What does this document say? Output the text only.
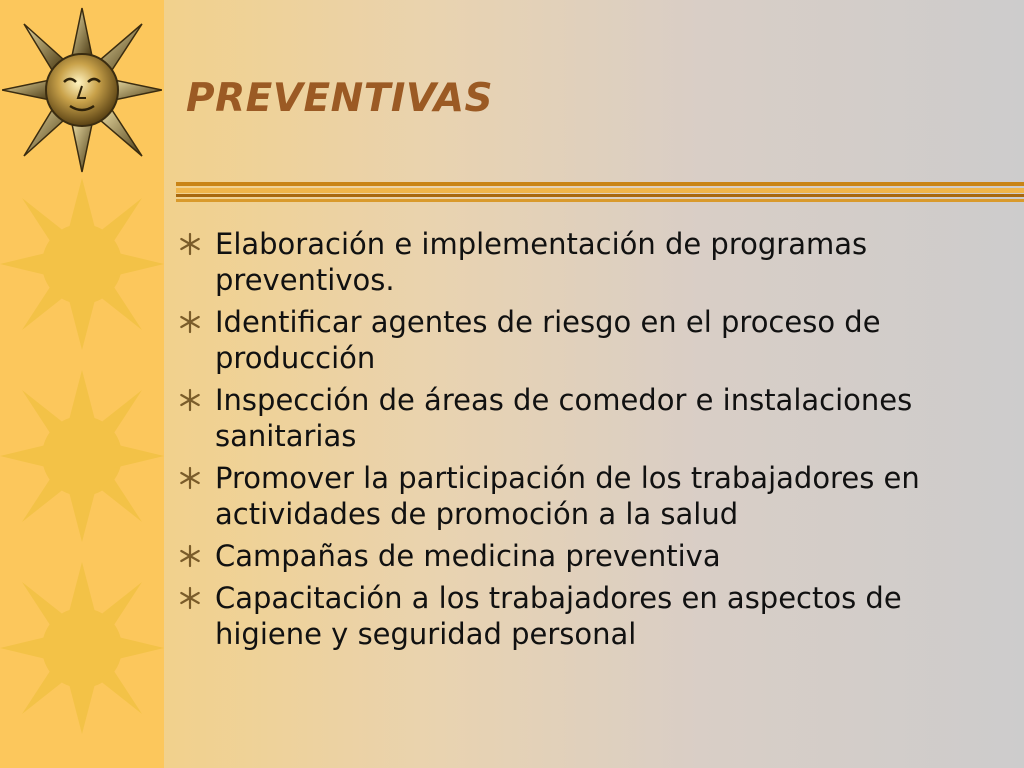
PREVENTIVAS
Elaboración e implementación de programas preventivos.
Identificar agentes de riesgo en el proceso de producción
Inspección de áreas de comedor e instalaciones sanitarias
Promover la participación de los trabajadores en actividades de promoción a la salud
Campañas de medicina preventiva
Capacitación a los trabajadores en aspectos de higiene y seguridad personal
